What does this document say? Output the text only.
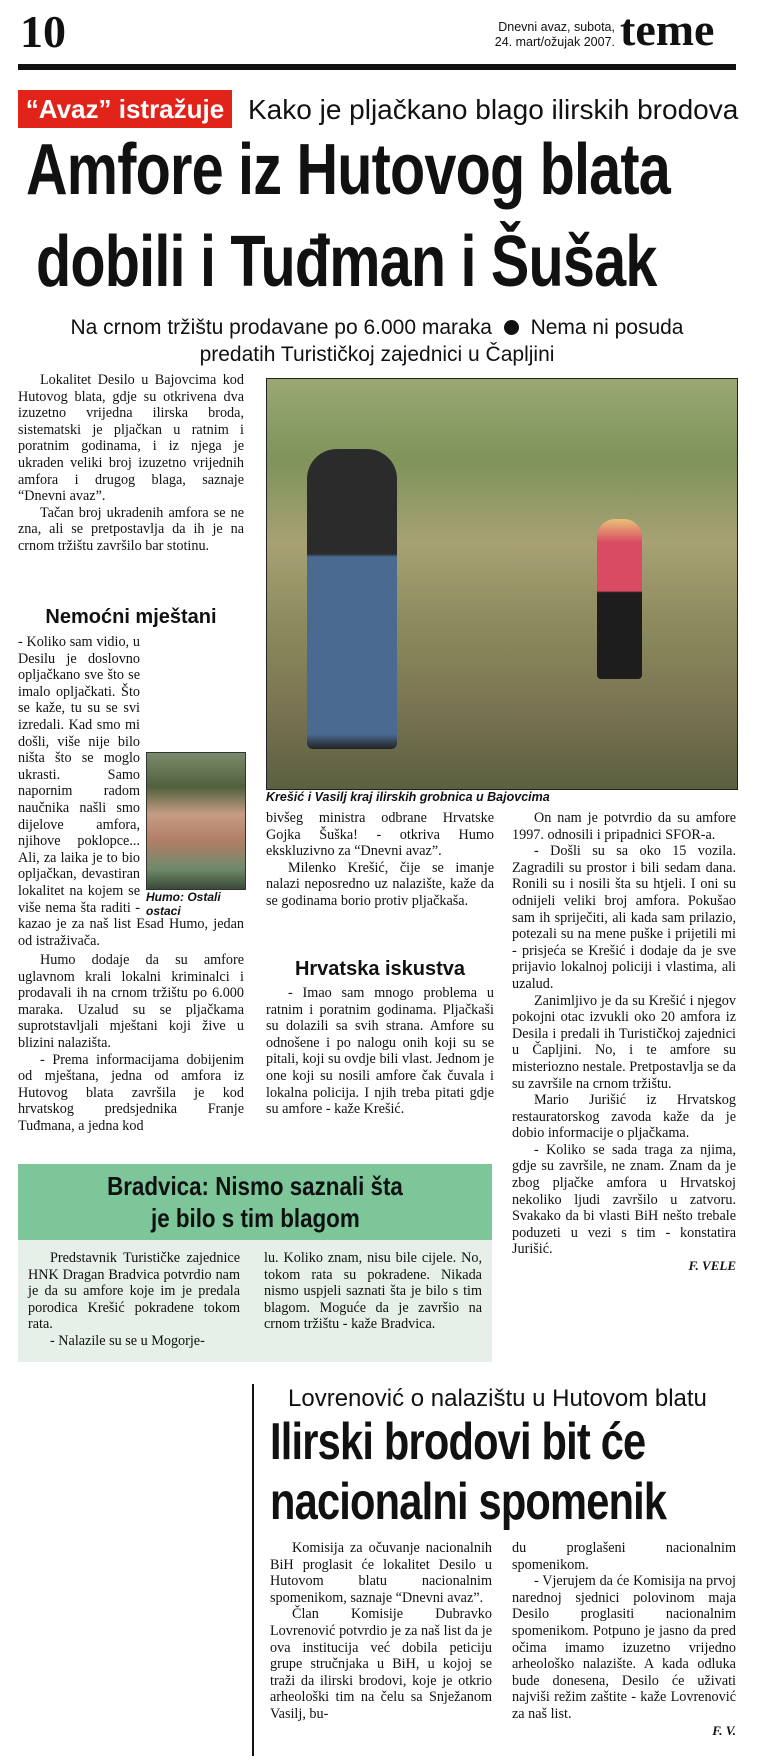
10	Dnevni avaz, subota,
24. mart/ožujak 2007. teme
“Avaz” istražuje Kako je pljačkano blago ilirskih brodova
Amfore iz Hutovog blata
dobili i Tuđman i Šušak
Na crnom tržištu prodavane po 6.000 maraka Nema ni posuda
predatih Turističkoj zajednici u Čapljini

Lokalitet Desilo u Bajovcima kod Hutovog blata, gdje su otkrivena dva izuzetno vrijedna ilirska broda, sistematski je pljačkan u ratnim i poratnim godinama, i iz njega je ukraden veliki broj izuzetno vrijednih amfora i drugog blaga, saznaje “Dnevni avaz”.

Tačan broj ukradenih amfora se ne zna, ali se pretpostavlja da ih je na crnom tržištu završilo bar stotinu.

Nemoćni mještani
Humo: Ostali ostaci

- Koliko sam vidio, u Desilu je doslovno opljačkano sve što se imalo opljačkati. Što se kaže, tu su se svi izredali. Kad smo mi došli, više nije bilo ništa što se moglo ukrasti. Samo napornim radom naučnika našli smo dijelove amfora, njihove poklopce... Ali, za laika je to bio opljačkan, devastiran lokalitet na kojem se više nema šta raditi - kazao je za naš list Esad Humo, jedan od istraživača.

Humo dodaje da su amfore uglavnom krali lokalni kriminalci i prodavali ih na crnom tržištu po 6.000 maraka. Uzalud su se pljačkama suprotstavljali mještani koji žive u blizini nalazišta.

- Prema informacijama dobijenim od mještana, jedna od amfora iz Hutovog blata završila je kod hrvatskog predsjednika Franje Tuđmana, a jedna kod

Krešić i Vasilj kraj ilirskih grobnica u Bajovcima

bivšeg ministra odbrane Hrvatske Gojka Šuška! - otkriva Humo ekskluzivno za “Dnevni avaz”.

Milenko Krešić, čije se imanje nalazi neposredno uz nalazište, kaže da se godinama borio protiv pljačkaša.

Hrvatska iskustva

- Imao sam mnogo problema u ratnim i poratnim godinama. Pljačkaši su dolazili sa svih strana. Amfore su odnošene i po nalogu onih koji su se pitali, koji su ovdje bili vlast. Jednom je one koji su nosili amfore čak čuvala i lokalna policija. I njih treba pitati gdje su amfore - kaže Krešić.

On nam je potvrdio da su amfore 1997. odnosili i pripadnici SFOR-a.

- Došli su sa oko 15 vozila. Zagradili su prostor i bili sedam dana. Ronili su i nosili šta su htjeli. I oni su odnijeli veliki broj amfora. Pokušao sam ih spriječiti, ali kada sam prilazio, potezali su na mene puške i prijetili mi - prisjeća se Krešić i dodaje da je sve prijavio lokalnoj policiji i vlastima, ali uzalud.

Zanimljivo je da su Krešić i njegov pokojni otac izvukli oko 20 amfora iz Desila i predali ih Turističkoj zajednici u Čapljini. No, i te amfore su misteriozno nestale. Pretpostavlja se da su završile na crnom tržištu.

Mario Jurišić iz Hrvatskog restauratorskog zavoda kaže da je dobio informacije o pljačkama.

- Koliko se sada traga za njima, gdje su završile, ne znam. Znam da je zbog pljačke amfora u Hrvatskoj nekoliko ljudi završilo u zatvoru. Svakako da bi vlasti BiH nešto trebale poduzeti u vezi s tim - konstatira Jurišić.

F. VELE
Bradvica: Nismo saznali šta
je bilo s tim blagom

Predstavnik Turističke zajednice HNK Dragan Bradvica potvrdio nam je da su amfore koje im je predala porodica Krešić pokradene tokom rata.

- Nalazile su se u Mogorje-

lu. Koliko znam, nisu bile cijele. No, tokom rata su pokradene. Nikada nismo uspjeli saznati šta je bilo s tim blagom. Moguće da je završio na crnom tržištu - kaže Bradvica.

Lovrenović o nalazištu u Hutovom blatu
Ilirski brodovi bit će
nacionalni spomenik

Komisija za očuvanje nacionalnih BiH proglasit će lokalitet Desilo u Hutovom blatu nacionalnim spomenikom, saznaje “Dnevni avaz”.

Član Komisije Dubravko Lovrenović potvrdio je za naš list da je ova institucija već dobila peticiju grupe stručnjaka u BiH, u kojoj se traži da ilirski brodovi, koje je otkrio arheološki tim na čelu sa Snježanom Vasilj, bu-

du proglašeni nacionalnim spomenikom.

- Vjerujem da će Komisija na prvoj narednoj sjednici polovinom maja Desilo proglasiti nacionalnim spomenikom. Potpuno je jasno da pred očima imamo izuzetno vrijedno arheološko nalazište. A kada odluka bude donesena, Desilo će uživati najviši režim zaštite - kaže Lovrenović za naš list.

F. V.
